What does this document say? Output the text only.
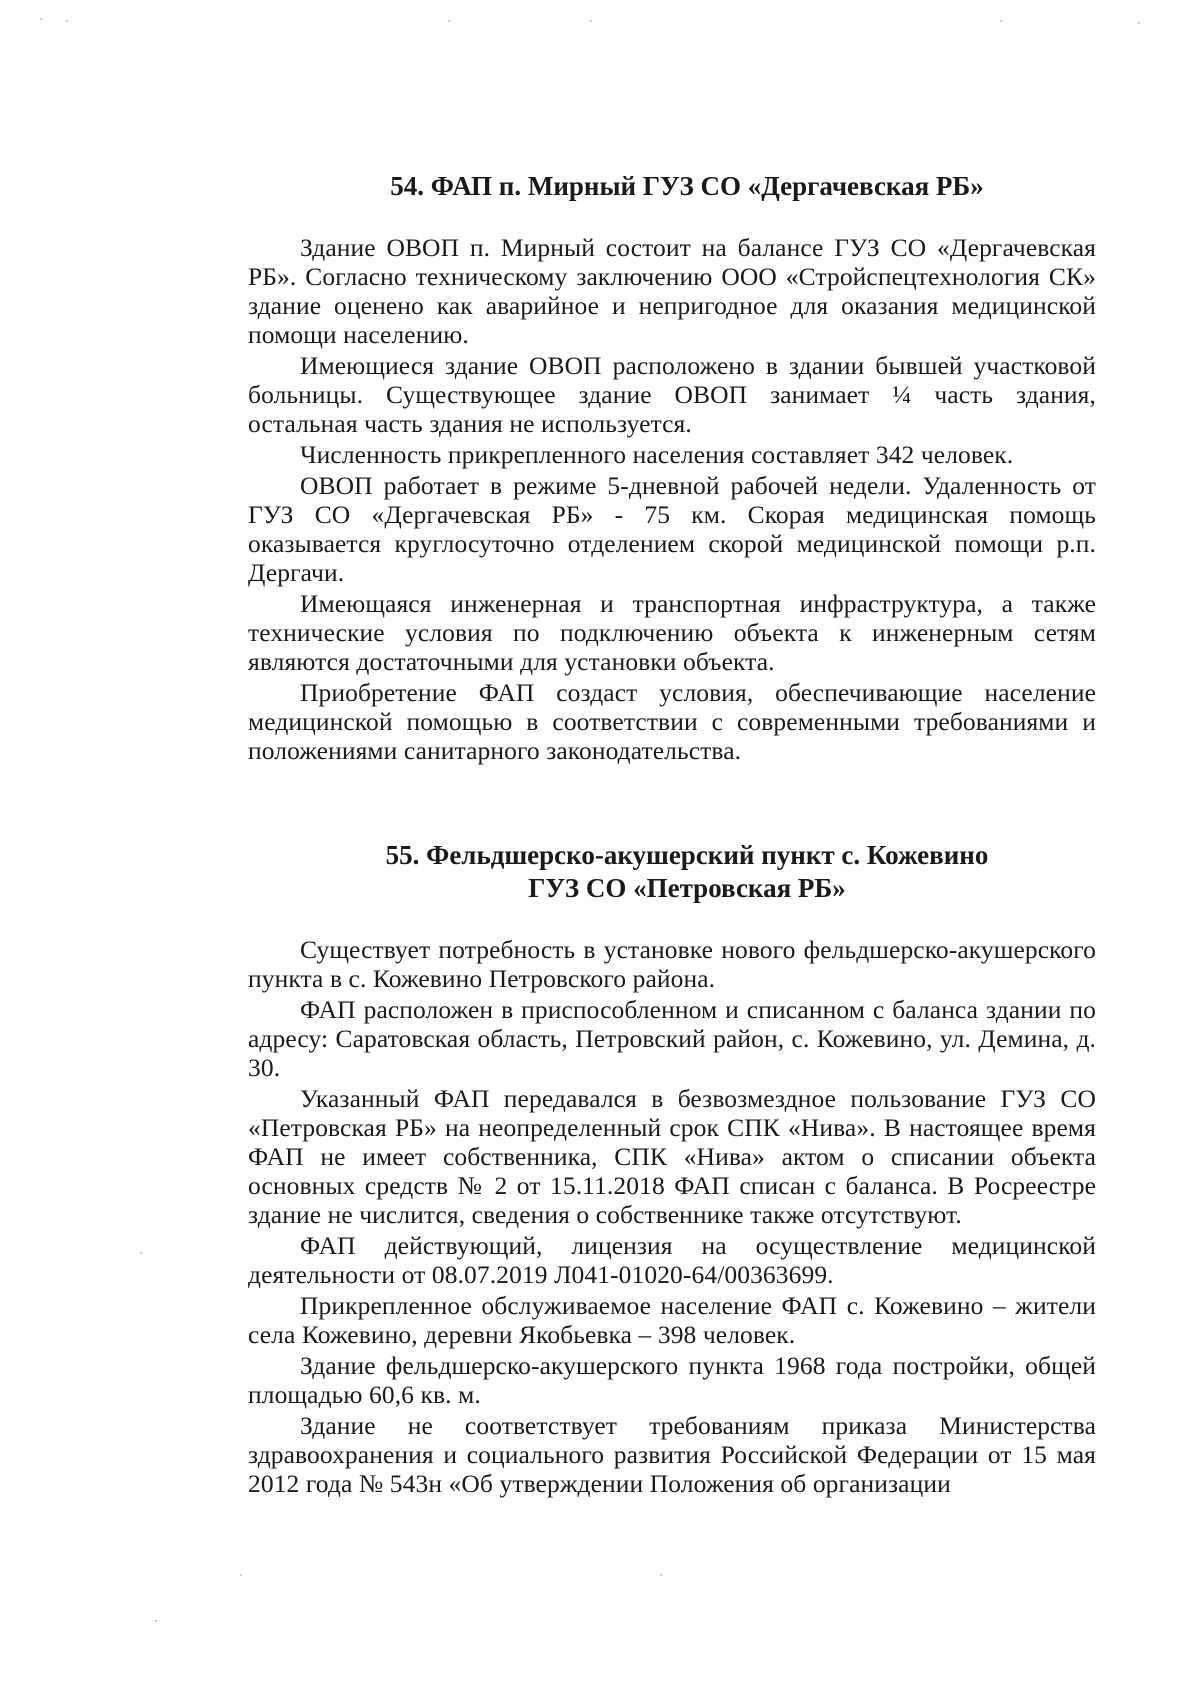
54. ФАП п. Мирный ГУЗ СО «Дергачевская РБ»

Здание ОВОП п. Мирный состоит на балансе ГУЗ СО «Дергачевская РБ». Согласно техническому заключению ООО «Стройспецтехнология СК» здание оценено как аварийное и непригодное для оказания медицинской помощи населению.

Имеющиеся здание ОВОП расположено в здании бывшей участковой больницы. Существующее здание ОВОП занимает ¼ часть здания, остальная часть здания не используется.

Численность прикрепленного населения составляет 342 человек.

ОВОП работает в режиме 5-дневной рабочей недели. Удаленность от ГУЗ СО «Дергачевская РБ» - 75 км. Скорая медицинская помощь оказывается круглосуточно отделением скорой медицинской помощи р.п. Дергачи.

Имеющаяся инженерная и транспортная инфраструктура, а также технические условия по подключению объекта к инженерным сетям являются достаточными для установки объекта.

Приобретение ФАП создаст условия, обеспечивающие население медицинской помощью в соответствии с современными требованиями и положениями санитарного законодательства.

55. Фельдшерско-акушерский пункт с. Кожевино
ГУЗ СО «Петровская РБ»

Существует потребность в установке нового фельдшерско-акушерского пункта в с. Кожевино Петровского района.

ФАП расположен в приспособленном и списанном с баланса здании по адресу: Саратовская область, Петровский район, с. Кожевино, ул. Демина, д. 30.

Указанный ФАП передавался в безвозмездное пользование ГУЗ СО «Петровская РБ» на неопределенный срок СПК «Нива». В настоящее время ФАП не имеет собственника, СПК «Нива» актом о списании объекта основных средств № 2 от 15.11.2018 ФАП списан с баланса. В Росреестре здание не числится, сведения о собственнике также отсутствуют.

ФАП действующий, лицензия на осуществление медицинской деятельности от 08.07.2019 Л041-01020-64/00363699.

Прикрепленное обслуживаемое население ФАП с. Кожевино – жители села Кожевино, деревни Якобьевка – 398 человек.

Здание фельдшерско-акушерского пункта 1968 года постройки, общей площадью 60,6 кв. м.

Здание не соответствует требованиям приказа Министерства здравоохранения и социального развития Российской Федерации от 15 мая 2012 года № 543н «Об утверждении Положения об организации
